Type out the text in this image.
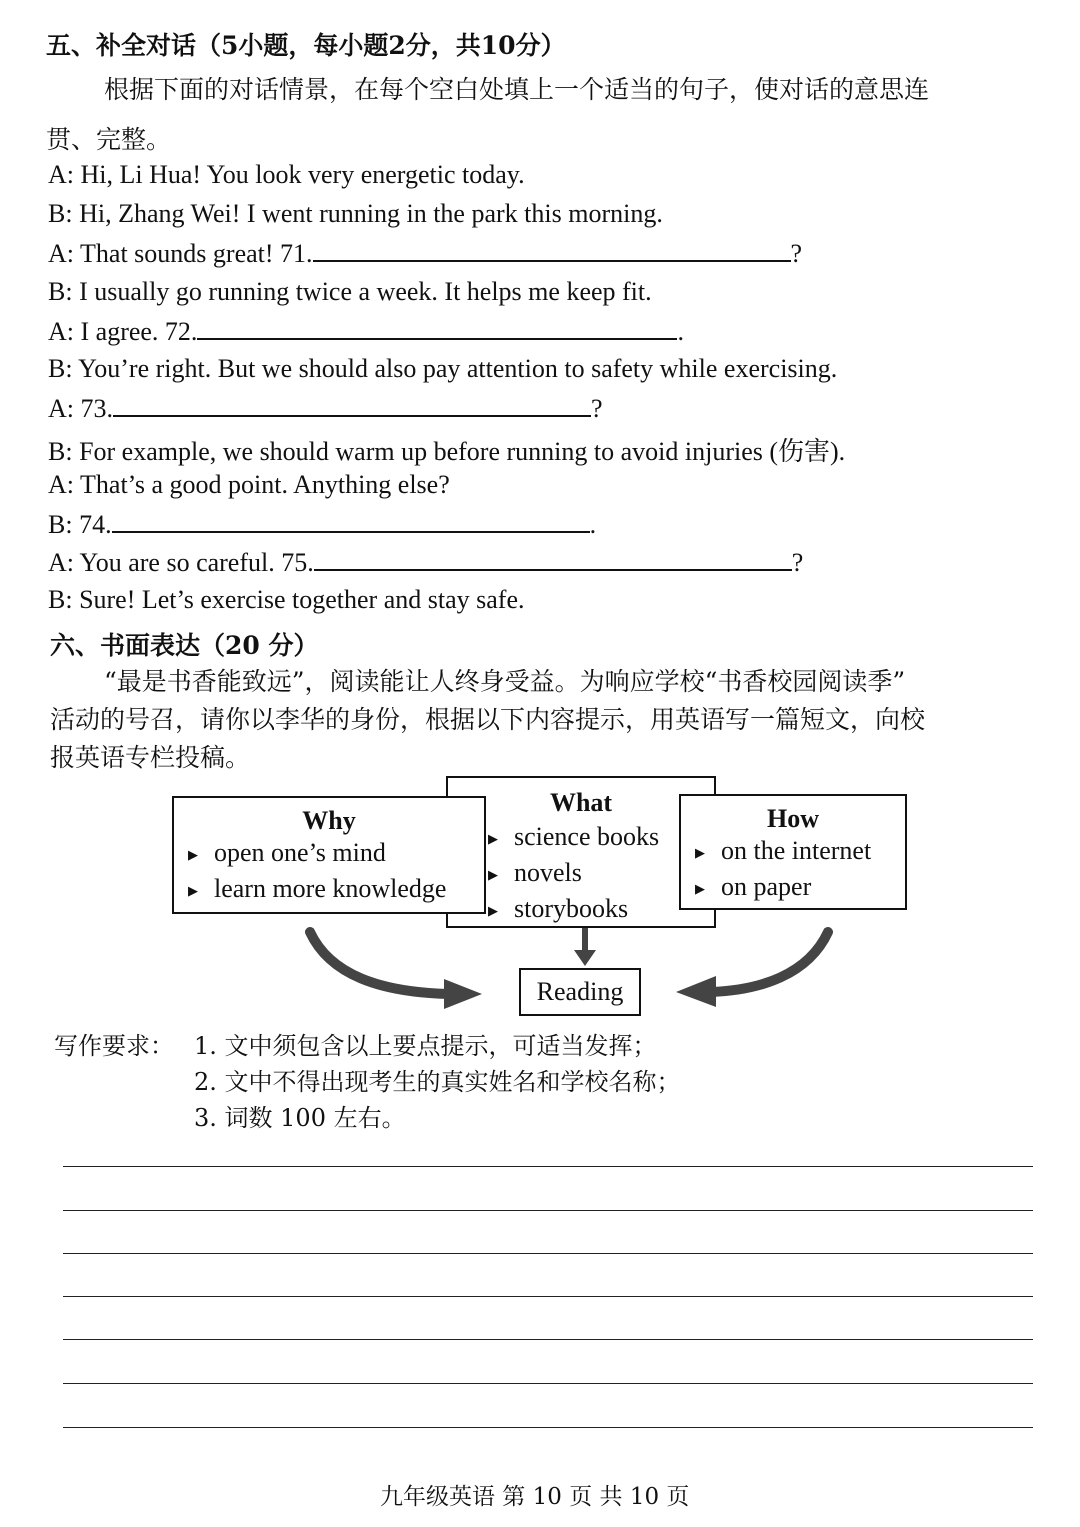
五、补全对话（5小题，每小题2分，共10分）
根据下面的对话情景，在每个空白处填上一个适当的句子，使对话的意思连
贯、完整。
A: Hi, Li Hua! You look very energetic today.
B: Hi, Zhang Wei! I went running in the park this morning.
A: That sounds great! 71.	?
B: I usually go running twice a week. It helps me keep fit.
A: I agree. 72.	.
B: You’re right. But we should also pay attention to safety while exercising.
A: 73.	?
B: For example, we should warm up before running to avoid injuries (伤害).
A: That’s a good point. Anything else?
B: 74.	.
A: You are so careful. 75.	?
B: Sure! Let’s exercise together and stay safe.
六、书面表达（20 分）
“最是书香能致远”，阅读能让人终身受益。为响应学校“书香校园阅读季”
活动的号召，请你以李华的身份，根据以下内容提示，用英语写一篇短文，向校
报英语专栏投稿。
What
▶ science books
▶ novels
▶ storybooks
Why
▶ open one’s mind
▶ learn more knowledge
How
▶ on the internet
▶ on paper
Reading
写作要求： 1. 文中须包含以上要点提示，可适当发挥；
2. 文中不得出现考生的真实姓名和学校名称；
3. 词数 100 左右。
九年级英语 第 10 页 共 10 页
